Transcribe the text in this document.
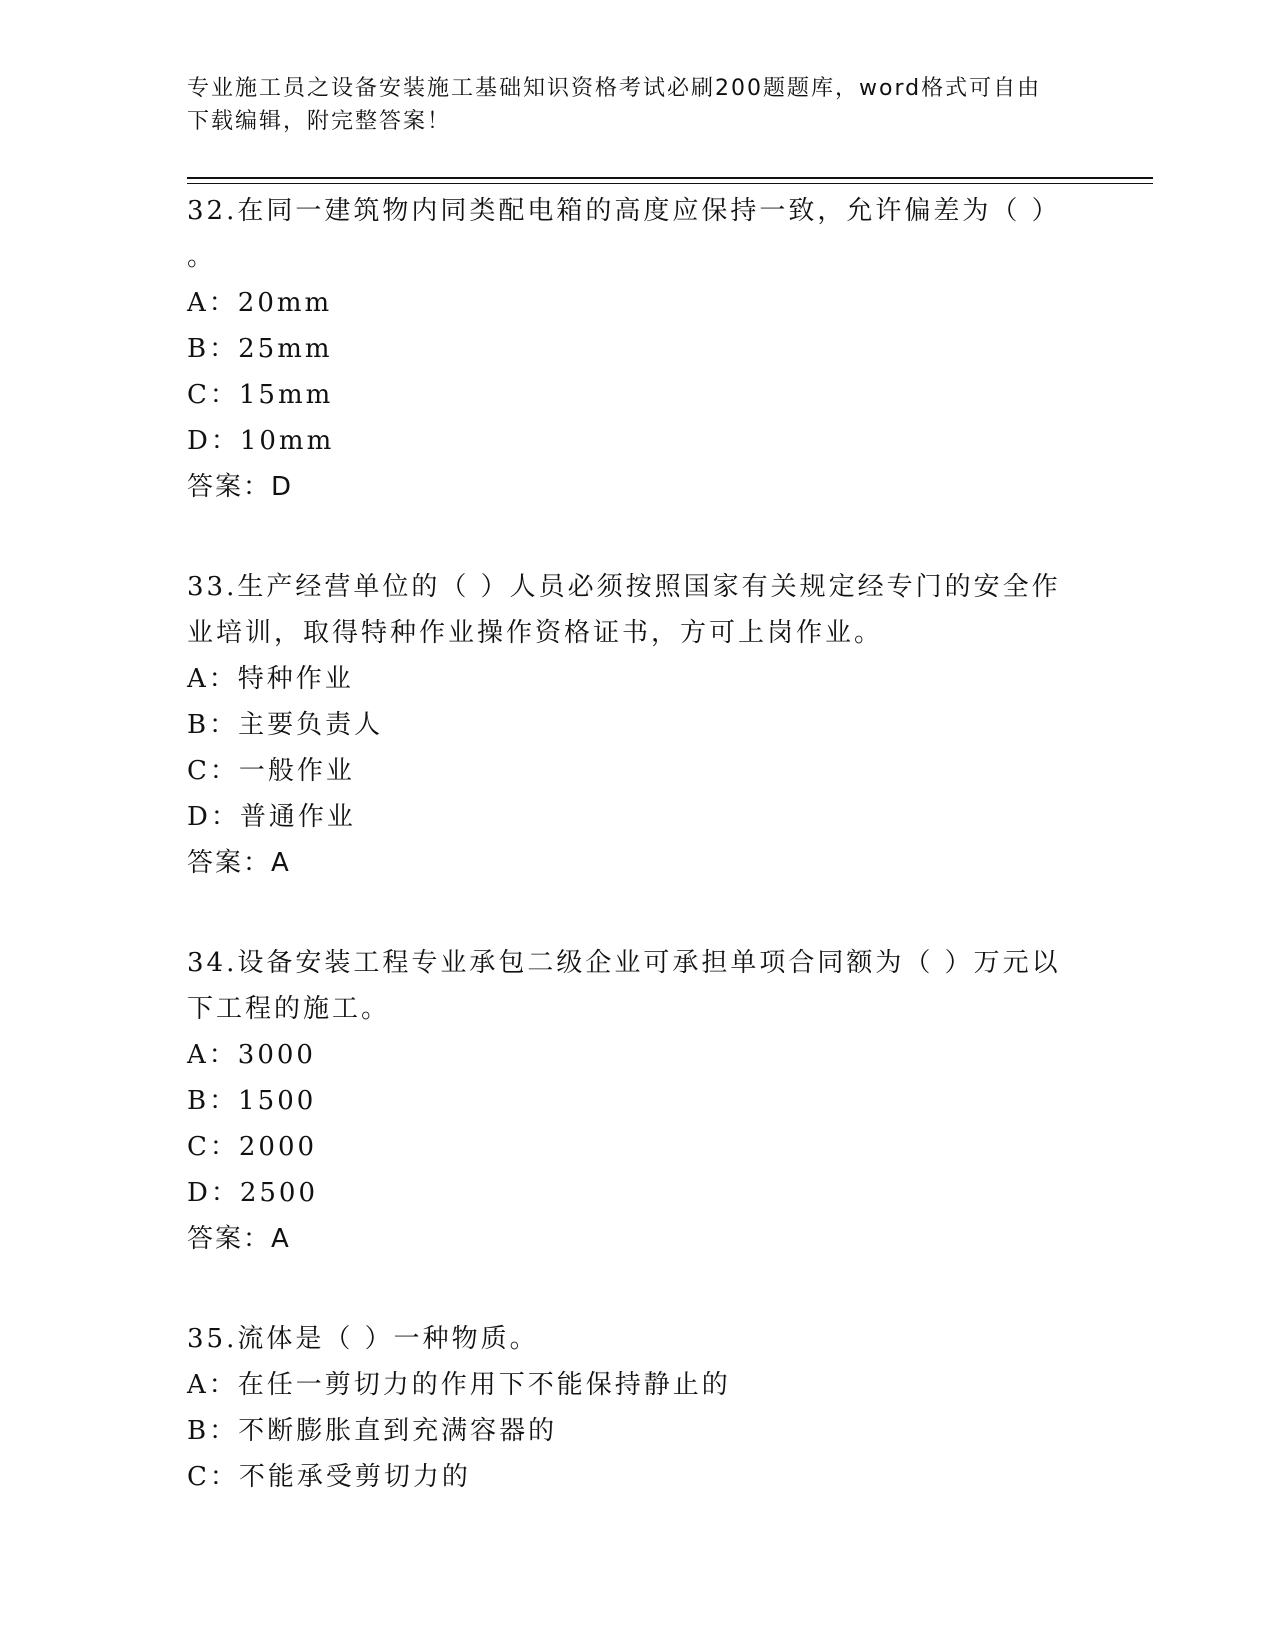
专业施工员之设备安装施工基础知识资格考试必刷200题题库，word格式可自由
下载编辑，附完整答案！
32.在同一建筑物内同类配电箱的高度应保持一致，允许偏差为（ ）
。
A：20mm
B：25mm
C：15mm
D：10mm
答案：D
33.生产经营单位的（ ）人员必须按照国家有关规定经专门的安全作
业培训，取得特种作业操作资格证书，方可上岗作业。
A：特种作业
B：主要负责人
C：一般作业
D：普通作业
答案：A
34.设备安装工程专业承包二级企业可承担单项合同额为（ ）万元以
下工程的施工。
A：3000
B：1500
C：2000
D：2500
答案：A
35.流体是（ ）一种物质。
A：在任一剪切力的作用下不能保持静止的
B：不断膨胀直到充满容器的
C：不能承受剪切力的
